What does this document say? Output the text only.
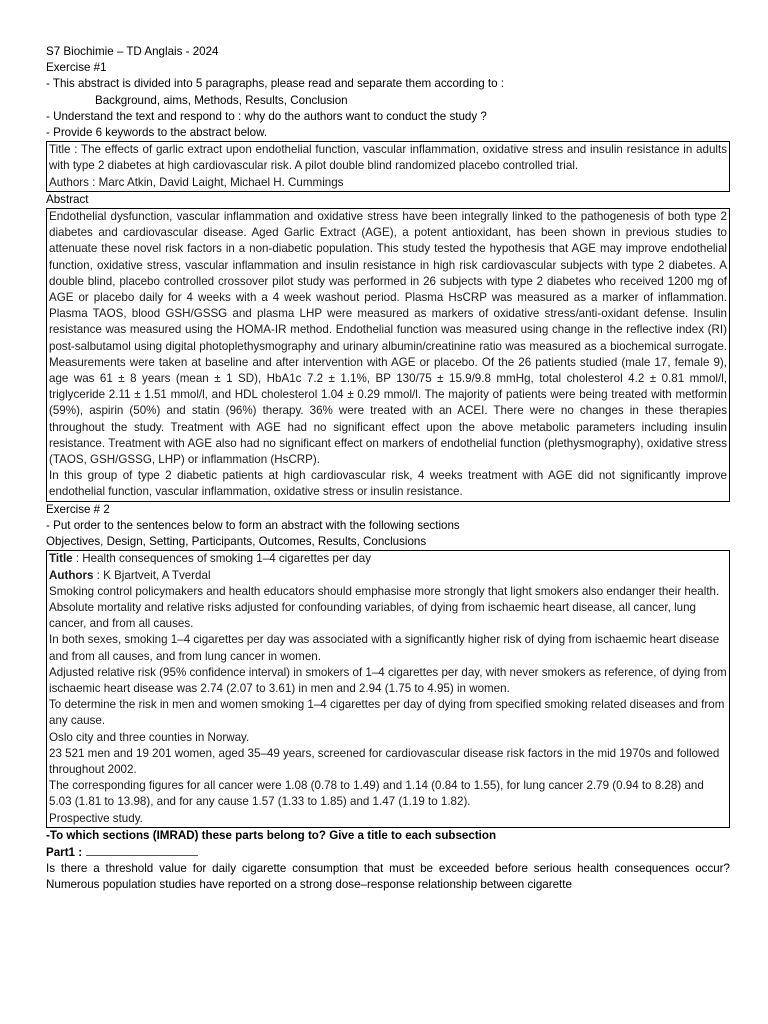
S7 Biochimie – TD Anglais - 2024
Exercise #1
- This abstract is divided into 5 paragraphs, please read and separate them according to :
Background, aims, Methods, Results, Conclusion
- Understand the text and respond to : why do the authors want to conduct the study ?
- Provide 6 keywords to the abstract below.

Title : The effects of garlic extract upon endothelial function, vascular inflammation, oxidative stress and insulin resistance in adults with type 2 diabetes at high cardiovascular risk. A pilot double blind randomized placebo controlled trial.

Authors : Marc Atkin, David Laight, Michael H. Cummings

Abstract

Endothelial dysfunction, vascular inflammation and oxidative stress have been integrally linked to the pathogenesis of both type 2 diabetes and cardiovascular disease. Aged Garlic Extract (AGE), a potent antioxidant, has been shown in previous studies to attenuate these novel risk factors in a non-diabetic population. This study tested the hypothesis that AGE may improve endothelial function, oxidative stress, vascular inflammation and insulin resistance in high risk cardiovascular subjects with type 2 diabetes. A double blind, placebo controlled crossover pilot study was performed in 26 subjects with type 2 diabetes who received 1200 mg of AGE or placebo daily for 4 weeks with a 4 week washout period. Plasma HsCRP was measured as a marker of inflammation. Plasma TAOS, blood GSH/GSSG and plasma LHP were measured as markers of oxidative stress/anti-oxidant defense. Insulin resistance was measured using the HOMA-IR method. Endothelial function was measured using change in the reflective index (RI) post-salbutamol using digital photoplethysmography and urinary albumin/creatinine ratio was measured as a biochemical surrogate. Measurements were taken at baseline and after intervention with AGE or placebo. Of the 26 patients studied (male 17, female 9), age was 61 ± 8 years (mean ± 1 SD), HbA1c 7.2 ± 1.1%, BP 130/75 ± 15.9/9.8 mmHg, total cholesterol 4.2 ± 0.81 mmol/l, triglyceride 2.11 ± 1.51 mmol/l, and HDL cholesterol 1.04 ± 0.29 mmol/l. The majority of patients were being treated with metformin (59%), aspirin (50%) and statin (96%) therapy. 36% were treated with an ACEI. There were no changes in these therapies throughout the study. Treatment with AGE had no significant effect upon the above metabolic parameters including insulin resistance. Treatment with AGE also had no significant effect on markers of endothelial function (plethysmography), oxidative stress (TAOS, GSH/GSSG, LHP) or inflammation (HsCRP).

In this group of type 2 diabetic patients at high cardiovascular risk, 4 weeks treatment with AGE did not significantly improve endothelial function, vascular inflammation, oxidative stress or insulin resistance.

Exercise # 2
- Put order to the sentences below to form an abstract with the following sections
Objectives, Design, Setting, Participants, Outcomes, Results, Conclusions
Title : Health consequences of smoking 1–4 cigarettes per day
Authors : K Bjartveit, A Tverdal
Smoking control policymakers and health educators should emphasise more strongly that light smokers also endanger their health.
Absolute mortality and relative risks adjusted for confounding variables, of dying from ischaemic heart disease, all cancer, lung cancer, and from all causes.
In both sexes, smoking 1–4 cigarettes per day was associated with a significantly higher risk of dying from ischaemic heart disease and from all causes, and from lung cancer in women.
Adjusted relative risk (95% confidence interval) in smokers of 1–4 cigarettes per day, with never smokers as reference, of dying from ischaemic heart disease was 2.74 (2.07 to 3.61) in men and 2.94 (1.75 to 4.95) in women.
To determine the risk in men and women smoking 1–4 cigarettes per day of dying from specified smoking related diseases and from any cause.
Oslo city and three counties in Norway.
23 521 men and 19 201 women, aged 35–49 years, screened for cardiovascular disease risk factors in the mid 1970s and followed throughout 2002.
The corresponding figures for all cancer were 1.08 (0.78 to 1.49) and 1.14 (0.84 to 1.55), for lung cancer 2.79 (0.94 to 8.28) and 5.03 (1.81 to 13.98), and for any cause 1.57 (1.33 to 1.85) and 1.47 (1.19 to 1.82).
Prospective study.
-To which sections (IMRAD) these parts belong to? Give a title to each subsection
Part1 :

Is there a threshold value for daily cigarette consumption that must be exceeded before serious health consequences occur? Numerous population studies have reported on a strong dose–response relationship between cigarette
